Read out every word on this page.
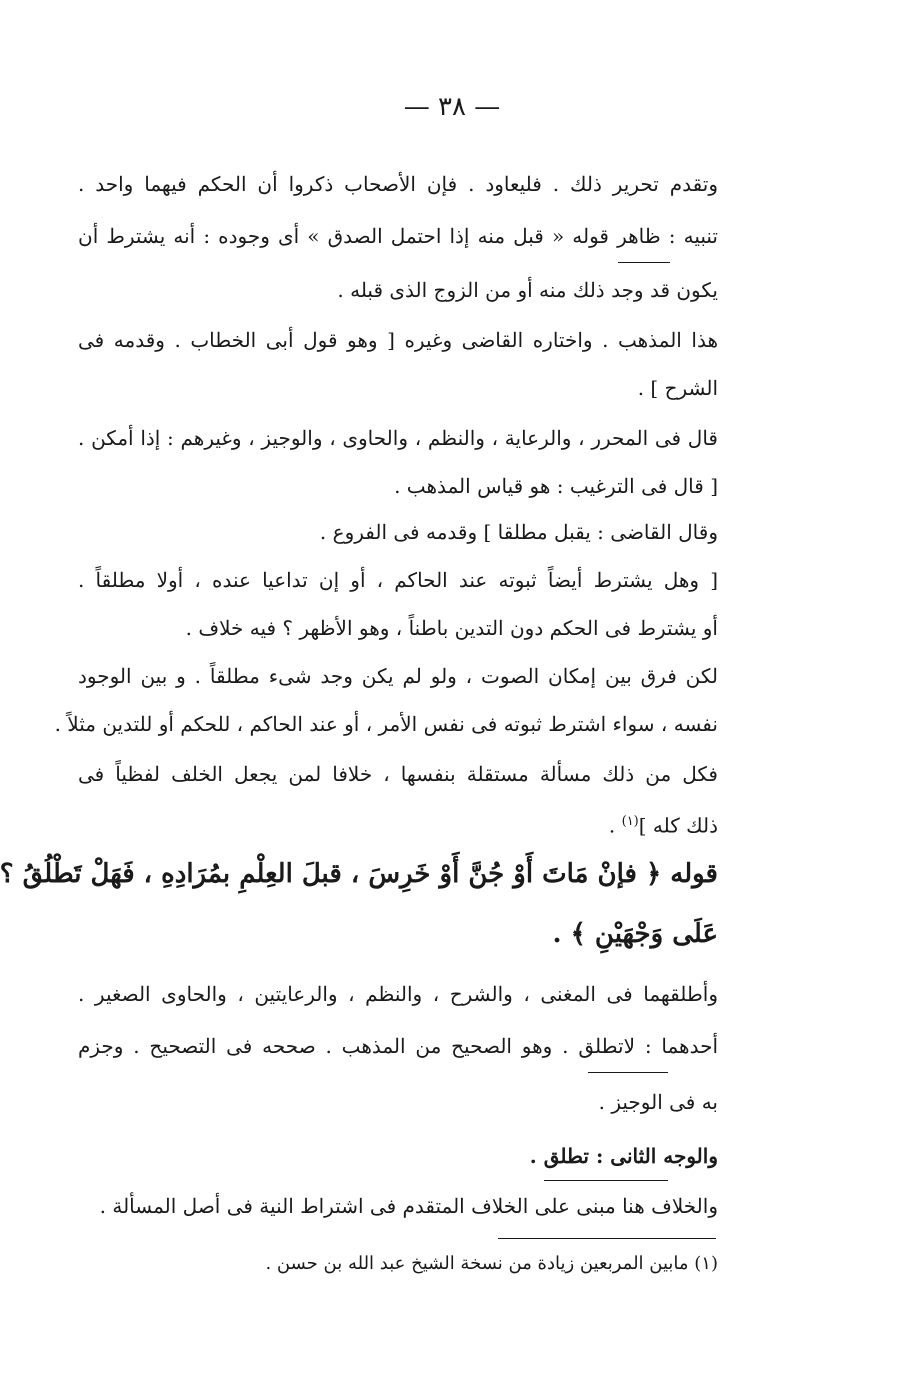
— ٣٨ —
وتقدم تحرير ذلك . فليعاود . فإن الأصحاب ذكروا أن الحكم فيهما واحد .
تنبيه : ظاهر قوله « قبل منه إذا احتمل الصدق » أى وجوده : أنه يشترط أن
يكون قد وجد ذلك منه أو من الزوج الذى قبله .
هذا المذهب . واختاره القاضى وغيره [ وهو قول أبى الخطاب . وقدمه فى
الشرح ] .
قال فى المحرر ، والرعاية ، والنظم ، والحاوى ، والوجيز ، وغيرهم : إذا أمكن .
[ قال فى الترغيب : هو قياس المذهب .
وقال القاضى : يقبل مطلقا ] وقدمه فى الفروع .
[ وهل يشترط أيضاً ثبوته عند الحاكم ، أو إن تداعيا عنده ، أولا مطلقاً .
أو يشترط فى الحكم دون التدين باطناً ، وهو الأظهر ؟ فيه خلاف .
لكن فرق بين إمكان الصوت ، ولو لم يكن وجد شىء مطلقاً . و بين الوجود
نفسه ، سواء اشترط ثبوته فى نفس الأمر ، أو عند الحاكم ، للحكم أو للتدين مثلاً .
فكل من ذلك مسألة مستقلة بنفسها ، خلافا لمن يجعل الخلف لفظياً فى
ذلك كله ]$^{(١)}$ .
قوله ﴿ فإنْ مَاتَ أَوْ جُنَّ أَوْ خَرِسَ ، قبلَ العِلْمِ بمُرَادِهِ ، فَهَلْ تَطْلُقُ ؟
عَلَى وَجْهَيْنِ ﴾ .
وأطلقهما فى المغنى ، والشرح ، والنظم ، والرعايتين ، والحاوى الصغير .
أحدهما : لاتطلق . وهو الصحيح من المذهب . صححه فى التصحيح . وجزم
به فى الوجيز .
والوجه الثانى : تطلق .
والخلاف هنا مبنى على الخلاف المتقدم فى اشتراط النية فى أصل المسألة .
(١) مابين المربعين زيادة من نسخة الشيخ عبد الله بن حسن .
